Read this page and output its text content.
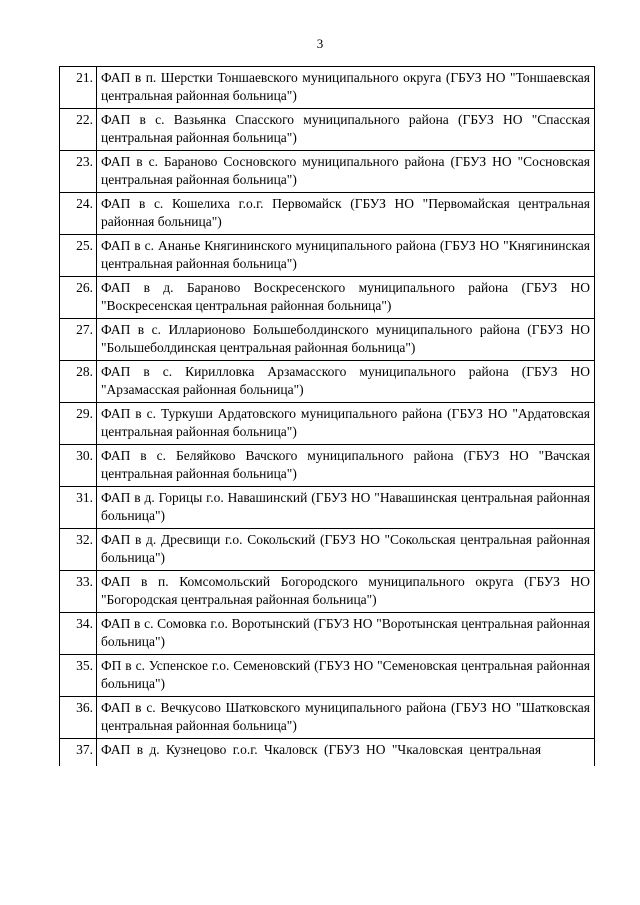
3
21.	ФАП в п. Шерстки Тоншаевского муниципального округа (ГБУЗ НО "Тоншаевская центральная районная больница")
22.	ФАП в с. Вазьянка Спасского муниципального района (ГБУЗ НО "Спасская центральная районная больница")
23.	ФАП в с. Бараново Сосновского муниципального района (ГБУЗ НО "Сосновская центральная районная больница")
24.	ФАП в с. Кошелиха г.о.г. Первомайск (ГБУЗ НО "Первомайская центральная районная больница")
25.	ФАП в с. Ананье Княгининского муниципального района (ГБУЗ НО "Княгининская центральная районная больница")
26.	ФАП в д. Бараново Воскресенского муниципального района (ГБУЗ НО "Воскресенская центральная районная больница")
27.	ФАП в с. Илларионово Большеболдинского муниципального района (ГБУЗ НО "Большеболдинская центральная районная больница")
28.	ФАП в с. Кирилловка Арзамасского муниципального района (ГБУЗ НО "Арзамасская районная больница")
29.	ФАП в с. Туркуши Ардатовского муниципального района (ГБУЗ НО "Ардатовская центральная районная больница")
30.	ФАП в с. Беляйково Вачского муниципального района (ГБУЗ НО "Вачская центральная районная больница")
31.	ФАП в д. Горицы г.о. Навашинский (ГБУЗ НО "Навашинская центральная районная больница")
32.	ФАП в д. Дресвищи г.о. Сокольский (ГБУЗ НО "Сокольская центральная районная больница")
33.	ФАП в п. Комсомольский Богородского муниципального округа (ГБУЗ НО "Богородская центральная районная больница")
34.	ФАП в с. Сомовка г.о. Воротынский (ГБУЗ НО "Воротынская центральная районная больница")
35.	ФП в с. Успенское г.о. Семеновский (ГБУЗ НО "Семеновская центральная районная больница")
36.	ФАП в с. Вечкусово Шатковского муниципального района (ГБУЗ НО "Шатковская центральная районная больница")
37.	ФАП в д. Кузнецово г.о.г. Чкаловск (ГБУЗ НО "Чкаловская центральная
